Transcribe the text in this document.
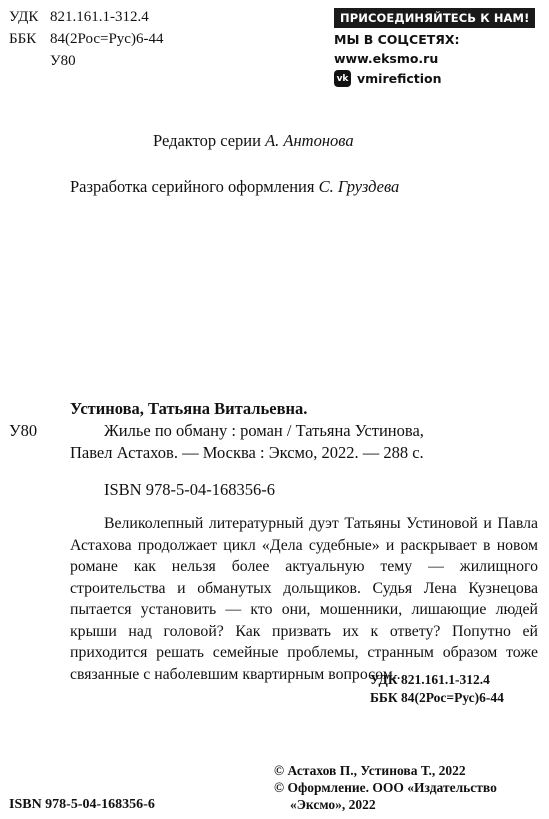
УДК 821.161.1-312.4
ББК 84(2Рос=Рус)6-44
У80
ПРИСОЕДИНЯЙТЕСЬ К НАМ!
МЫ В СОЦСЕТЯХ:
www.eksmo.ru
vk vmirefiction
Редактор серии А. Антонова
Разработка серийного оформления С. Груздева
Устинова, Татьяна Витальевна.
У80	Жилье по обману : роман / Татьяна Устинова,
Павел Астахов. — Москва : Эксмо, 2022. — 288 с.
ISBN 978-5-04-168356-6
Великолепный литературный дуэт Татьяны Устиновой и Павла Астахова продолжает цикл «Дела судебные» и раскрывает в новом романе как нельзя более актуальную тему — жилищного строительства и обманутых дольщиков. Судья Лена Кузнецова пытается установить — кто они, мошенники, лишающие людей крыши над головой? Как призвать их к ответу? Попутно ей приходится решать семейные проблемы, странным образом тоже связанные с наболевшим квартирным вопросом...
УДК 821.161.1-312.4
ББК 84(2Рос=Рус)6-44
© Астахов П., Устинова Т., 2022
© Оформление. ООО «Издательство
«Эксмо», 2022
ISBN 978-5-04-168356-6
